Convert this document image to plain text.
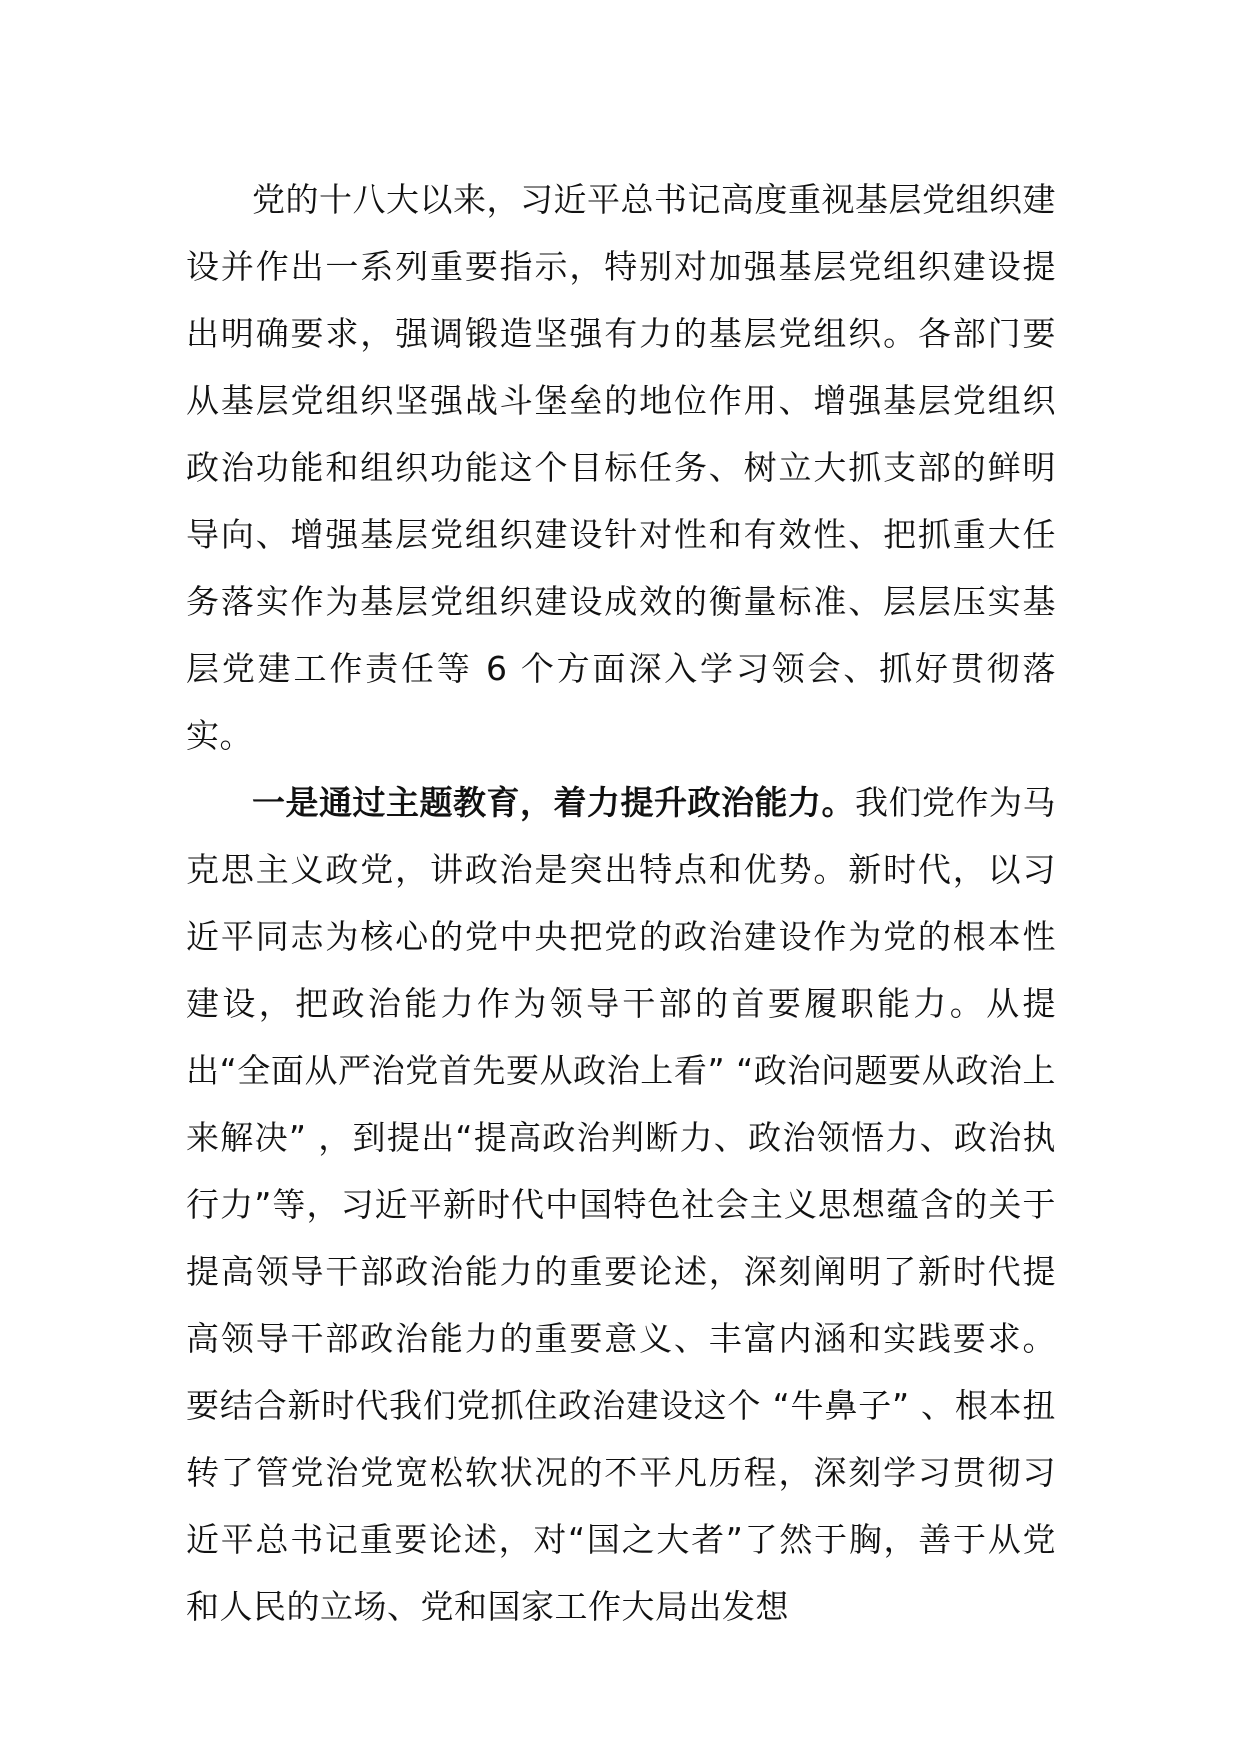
党的十八大以来，习近平总书记高度重视基层党组织建设并作出一系列重要指示，特别对加强基层党组织建设提出明确要求，强调锻造坚强有力的基层党组织。各部门要从基层党组织坚强战斗堡垒的地位作用、增强基层党组织政治功能和组织功能这个目标任务、树立大抓支部的鲜明导向、增强基层党组织建设针对性和有效性、把抓重大任务落实作为基层党组织建设成效的衡量标准、层层压实基层党建工作责任等 6 个方面深入学习领会、抓好贯彻落实。

一是通过主题教育，着力提升政治能力。我们党作为马克思主义政党，讲政治是突出特点和优势。新时代，以习近平同志为核心的党中央把党的政治建设作为党的根本性建设，把政治能力作为领导干部的首要履职能力。从提出“全面从严治党首先要从政治上看” “政治问题要从政治上来解决” ，到提出“提高政治判断力、政治领悟力、政治执行力”等，习近平新时代中国特色社会主义思想蕴含的关于提高领导干部政治能力的重要论述，深刻阐明了新时代提高领导干部政治能力的重要意义、丰富内涵和实践要求。要结合新时代我们党抓住政治建设这个 “牛鼻子” 、根本扭转了管党治党宽松软状况的不平凡历程，深刻学习贯彻习近平总书记重要论述，对“国之大者”了然于胸，善于从党和人民的立场、党和国家工作大局出发想
